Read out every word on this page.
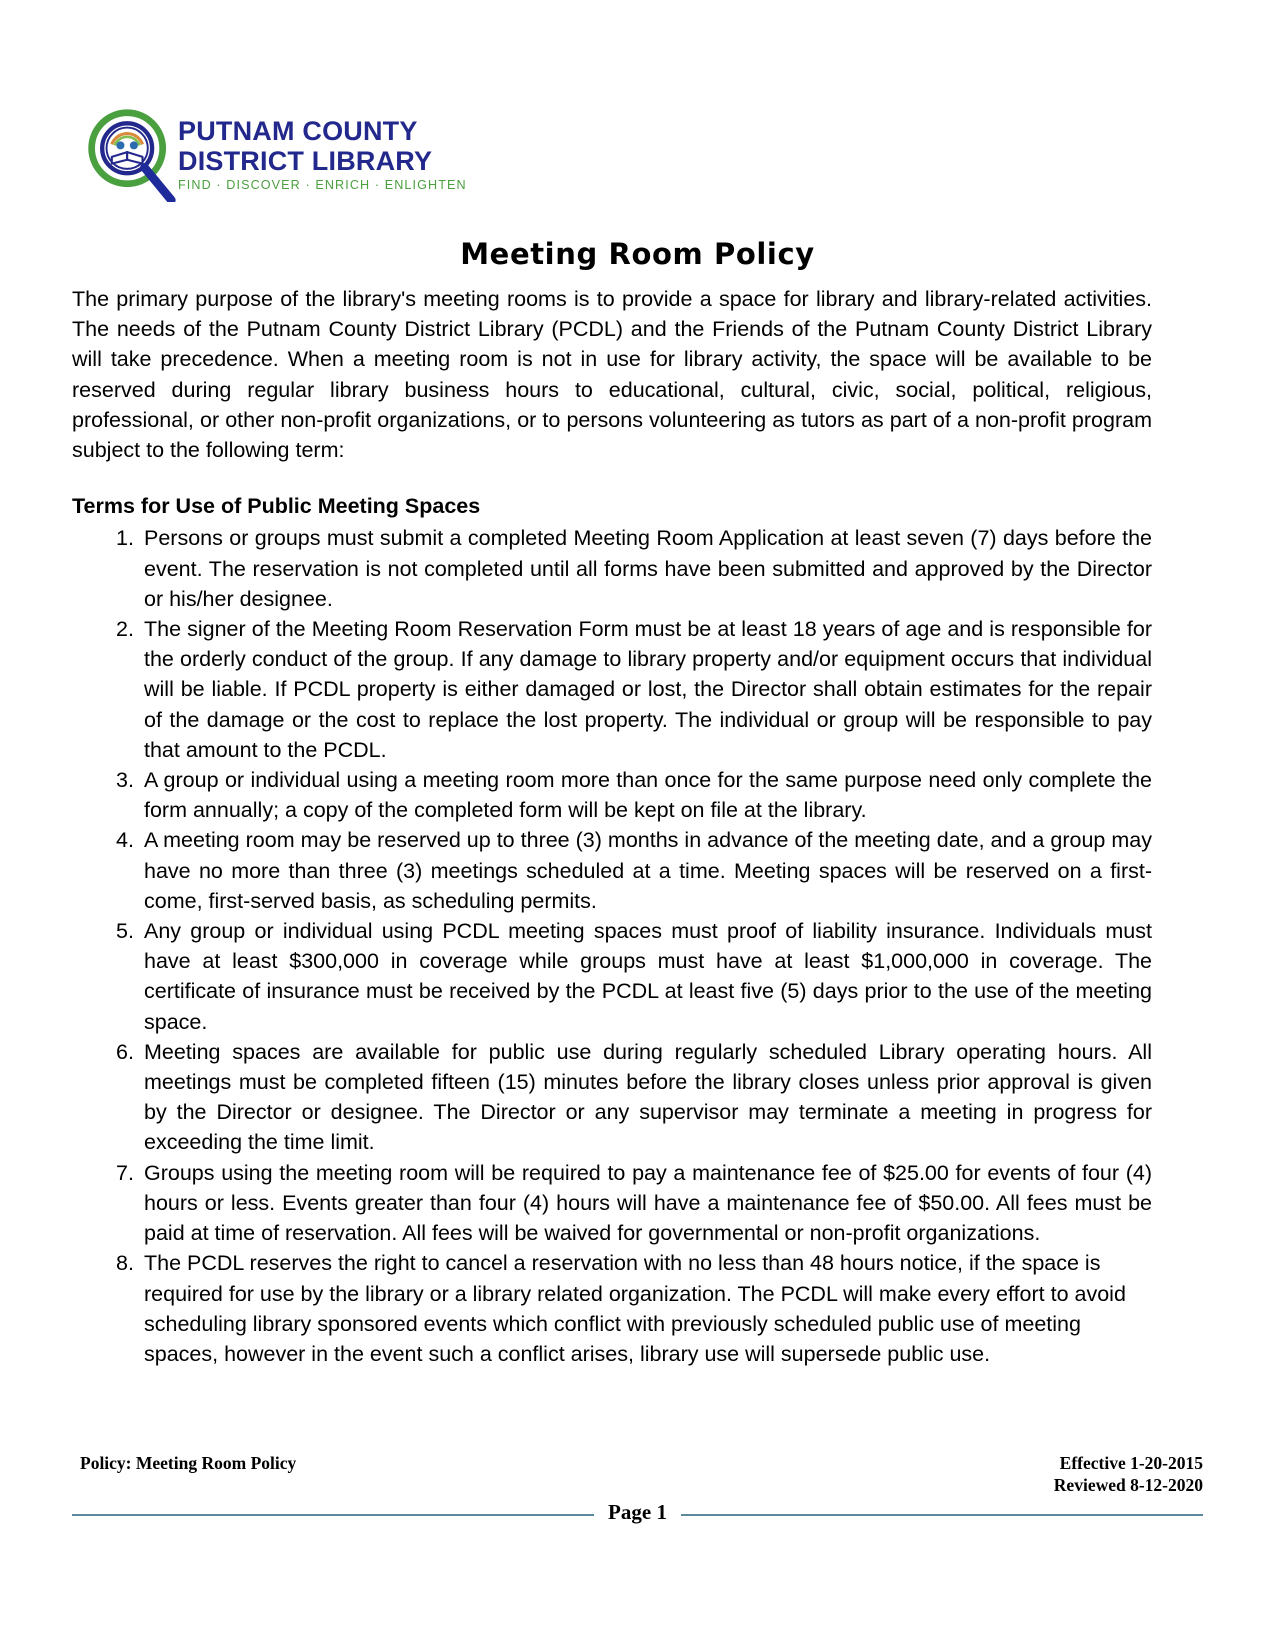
PUTNAM COUNTY
DISTRICT LIBRARY
FIND · DISCOVER · ENRICH · ENLIGHTEN
Meeting Room Policy

The primary purpose of the library's meeting rooms is to provide a space for library and library-related activities. The needs of the Putnam County District Library (PCDL) and the Friends of the Putnam County District Library will take precedence. When a meeting room is not in use for library activity, the space will be available to be reserved during regular library business hours to educational, cultural, civic, social, political, religious, professional, or other non-profit organizations, or to persons volunteering as tutors as part of a non-profit program subject to the following term:

Terms for Use of Public Meeting Spaces
Persons or groups must submit a completed Meeting Room Application at least seven (7) days before the event. The reservation is not completed until all forms have been submitted and approved by the Director or his/her designee.
The signer of the Meeting Room Reservation Form must be at least 18 years of age and is responsible for the orderly conduct of the group. If any damage to library property and/or equipment occurs that individual will be liable. If PCDL property is either damaged or lost, the Director shall obtain estimates for the repair of the damage or the cost to replace the lost property. The individual or group will be responsible to pay that amount to the PCDL.
A group or individual using a meeting room more than once for the same purpose need only complete the form annually; a copy of the completed form will be kept on file at the library.
A meeting room may be reserved up to three (3) months in advance of the meeting date, and a group may have no more than three (3) meetings scheduled at a time. Meeting spaces will be reserved on a first-come, first-served basis, as scheduling permits.
Any group or individual using PCDL meeting spaces must proof of liability insurance. Individuals must have at least $300,000 in coverage while groups must have at least $1,000,000 in coverage. The certificate of insurance must be received by the PCDL at least five (5) days prior to the use of the meeting space.
Meeting spaces are available for public use during regularly scheduled Library operating hours. All meetings must be completed fifteen (15) minutes before the library closes unless prior approval is given by the Director or designee. The Director or any supervisor may terminate a meeting in progress for exceeding the time limit.
Groups using the meeting room will be required to pay a maintenance fee of $25.00 for events of four (4) hours or less. Events greater than four (4) hours will have a maintenance fee of $50.00. All fees must be paid at time of reservation. All fees will be waived for governmental or non-profit organizations.
The PCDL reserves the right to cancel a reservation with no less than 48 hours notice, if the space is required for use by the library or a library related organization. The PCDL will make every effort to avoid scheduling library sponsored events which conflict with previously scheduled public use of meeting spaces, however in the event such a conflict arises, library use will supersede public use.
Policy: Meeting Room Policy	Effective 1-20-2015
Reviewed 8-12-2020
Page 1
